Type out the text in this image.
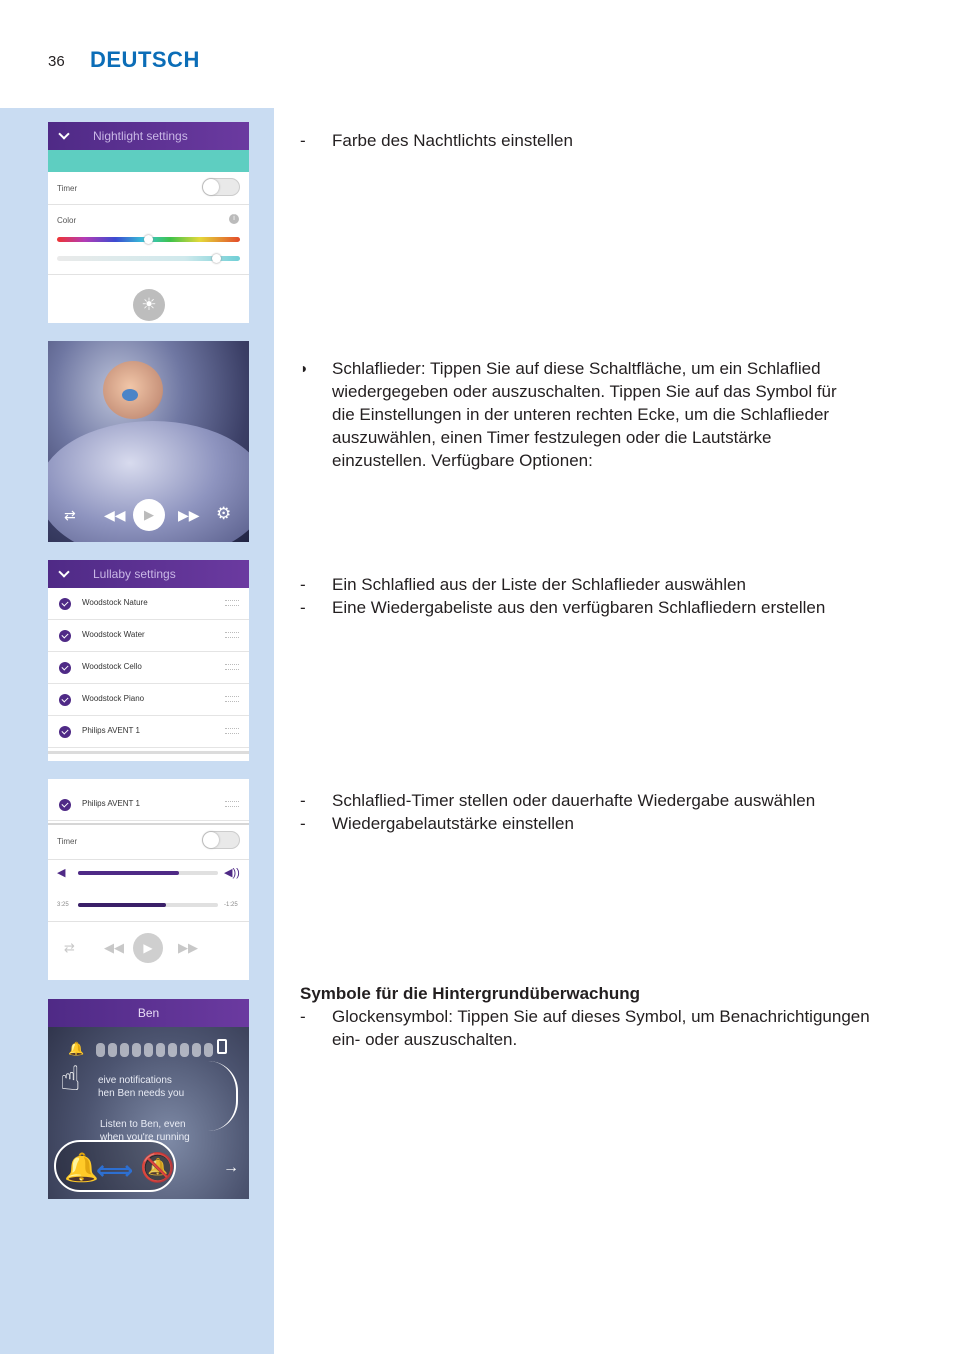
36 DEUTSCH
Nightlight settings
Timer
Color	i
☀
⇄ ◀◀	▶	▶▶ ⚙
Lullaby settings
Woodstock Nature
Woodstock Water
Woodstock Cello
Woodstock Piano
Philips AVENT 1
Philips AVENT 1
Timer
◀	◀))
3:25	-1:25
⇄ ◀◀	▶	▶▶
Ben
🔔
eive notifications
hen Ben needs you
Listen to Ben, even
when you're running
☝
🔔
⟺ 🔕	→
- Farbe des Nachtlichts einstellen
◗ Schlaflieder: Tippen Sie auf diese Schaltfläche, um ein Schlaflied
wiedergegeben oder auszuschalten. Tippen Sie auf das Symbol für
die Einstellungen in der unteren rechten Ecke, um die Schlaflieder
auszuwählen, einen Timer festzulegen oder die Lautstärke
einzustellen. Verfügbare Optionen:
- Ein Schlaflied aus der Liste der Schlaflieder auswählen
- Eine Wiedergabeliste aus den verfügbaren Schlafliedern erstellen
- Schlaflied-Timer stellen oder dauerhafte Wiedergabe auswählen
- Wiedergabelautstärke einstellen
Symbole für die Hintergrundüberwachung
- Glockensymbol: Tippen Sie auf dieses Symbol, um Benachrichtigungen
ein- oder auszuschalten.
